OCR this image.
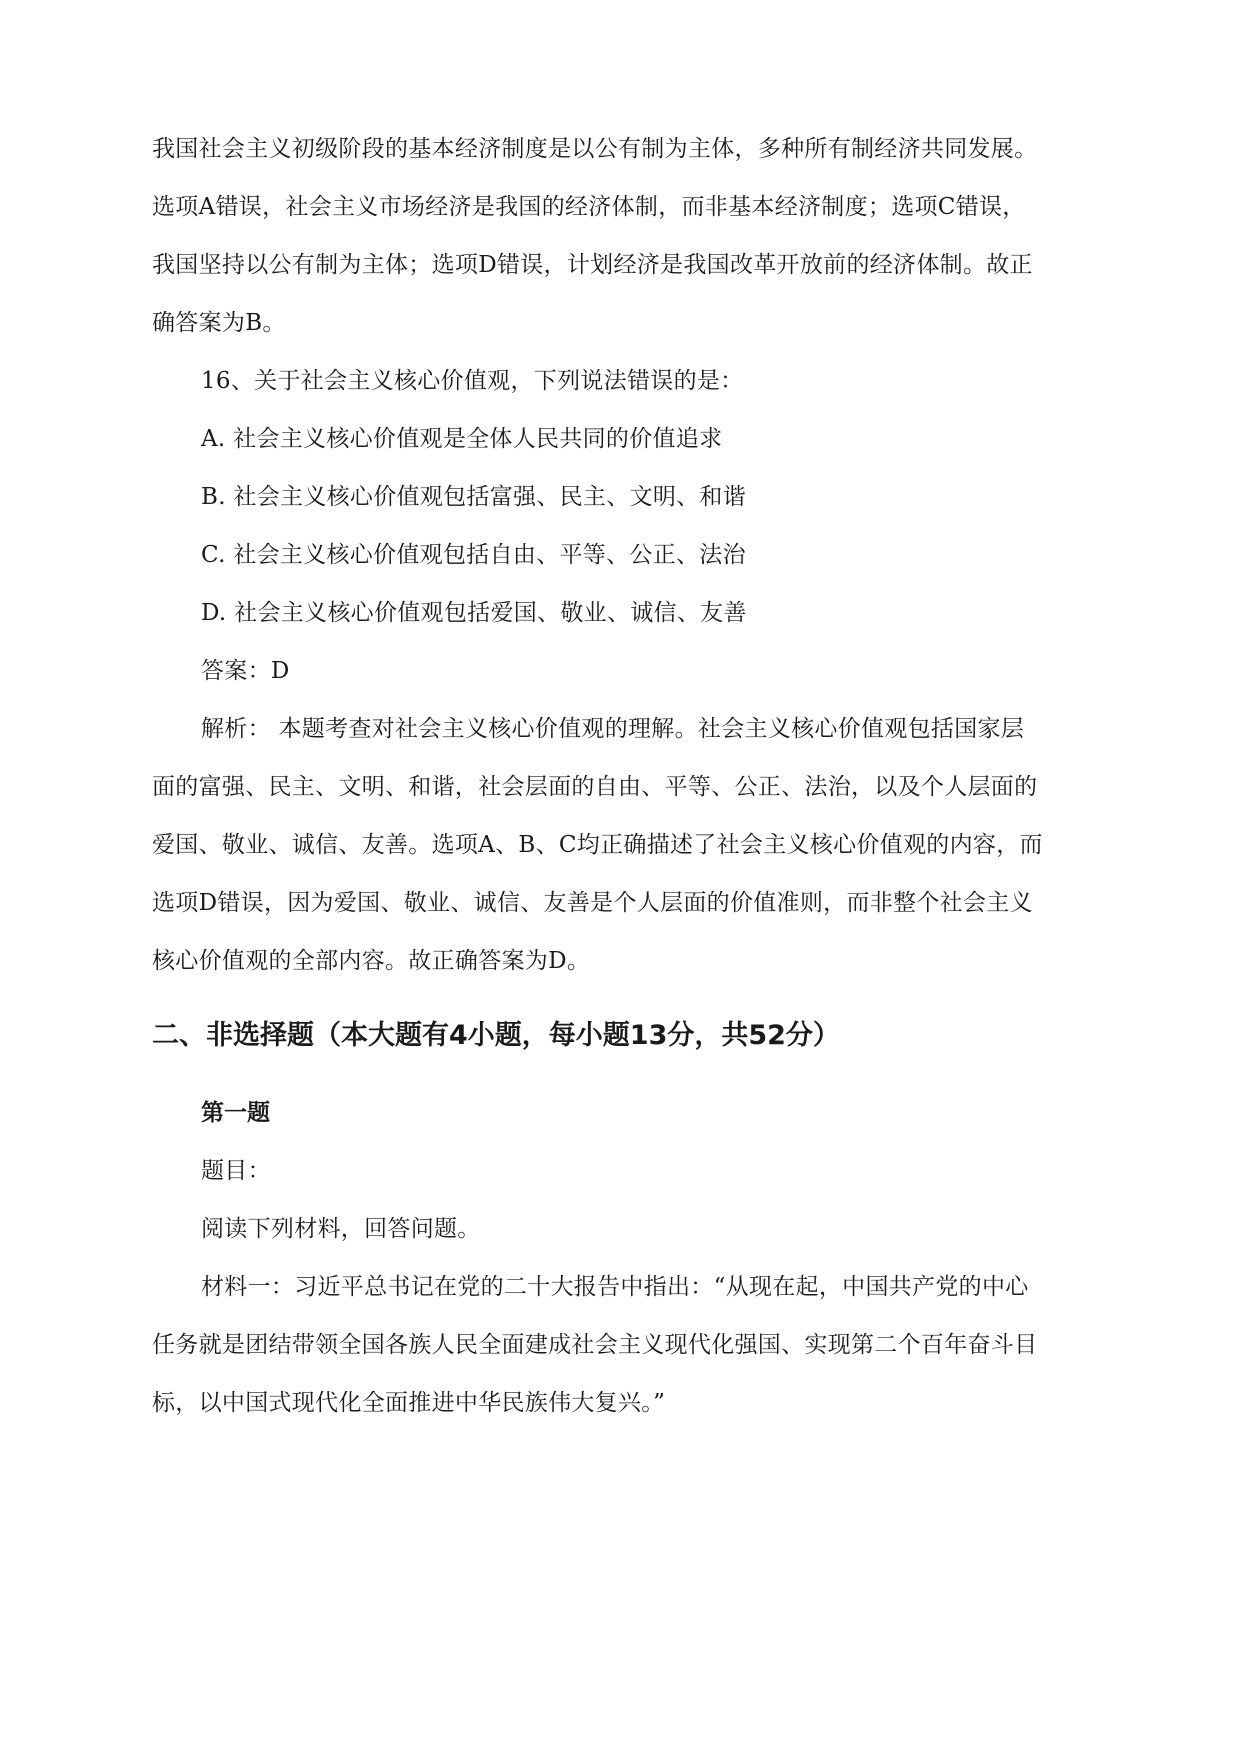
我国社会主义初级阶段的基本经济制度是以公有制为主体，多种所有制经济共同发展。
选项A错误，社会主义市场经济是我国的经济体制，而非基本经济制度；选项C错误，
我国坚持以公有制为主体；选项D错误，计划经济是我国改革开放前的经济体制。故正
确答案为B。
16、关于社会主义核心价值观，下列说法错误的是：
A. 社会主义核心价值观是全体人民共同的价值追求
B. 社会主义核心价值观包括富强、民主、文明、和谐
C. 社会主义核心价值观包括自由、平等、公正、法治
D. 社会主义核心价值观包括爱国、敬业、诚信、友善
答案：D
解析： 本题考查对社会主义核心价值观的理解。社会主义核心价值观包括国家层
面的富强、民主、文明、和谐，社会层面的自由、平等、公正、法治，以及个人层面的
爱国、敬业、诚信、友善。选项A、B、C均正确描述了社会主义核心价值观的内容，而
选项D错误，因为爱国、敬业、诚信、友善是个人层面的价值准则，而非整个社会主义
核心价值观的全部内容。故正确答案为D。
二、非选择题（本大题有4小题，每小题13分，共52分）
第一题
题目：
阅读下列材料，回答问题。
材料一：习近平总书记在党的二十大报告中指出：“从现在起，中国共产党的中心
任务就是团结带领全国各族人民全面建成社会主义现代化强国、实现第二个百年奋斗目
标，以中国式现代化全面推进中华民族伟大复兴。”
